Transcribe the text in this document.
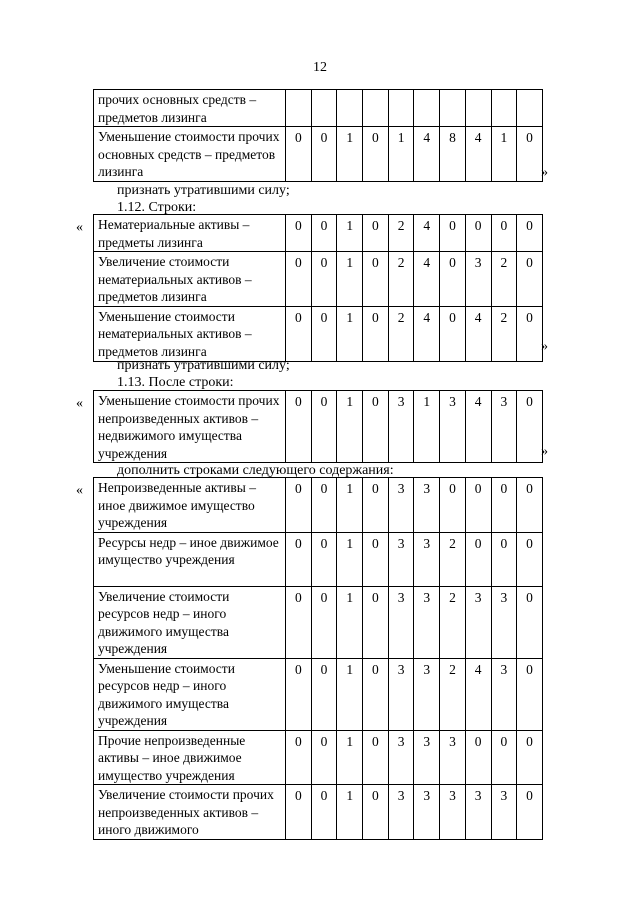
12
прочих основных средств – предметов лизинга										
Уменьшение стоимости прочих основных средств – предметов лизинга	0	0	1	0	1	4	8	4	1	0
»
признать утратившими силу;
1.12. Строки:
« Нематериальные активы – предметы лизинга	0	0	1	0	2	4	0	0	0	0
Увеличение стоимости нематериальных активов – предметов лизинга	0	0	1	0	2	4	0	3	2	0
Уменьшение стоимости нематериальных активов – предметов лизинга	0	0	1	0	2	4	0	4	2	0
»
признать утратившими силу;
1.13. После строки:
« Уменьшение стоимости прочих непроизведенных активов – недвижимого имущества учреждения	0	0	1	0	3	1	3	4	3	0
»
дополнить строками следующего содержания:
« Непроизведенные активы – иное движимое имущество учреждения	0	0	1	0	3	3	0	0	0	0
Ресурсы недр – иное движимое имущество учреждения	0	0	1	0	3	3	2	0	0	0
Увеличение стоимости ресурсов недр – иного движимого имущества учреждения	0	0	1	0	3	3	2	3	3	0
Уменьшение стоимости ресурсов недр – иного движимого имущества учреждения	0	0	1	0	3	3	2	4	3	0
Прочие непроизведенные активы – иное движимое имущество учреждения	0	0	1	0	3	3	3	0	0	0
Увеличение стоимости прочих непроизведенных активов – иного движимого	0	0	1	0	3	3	3	3	3	0
